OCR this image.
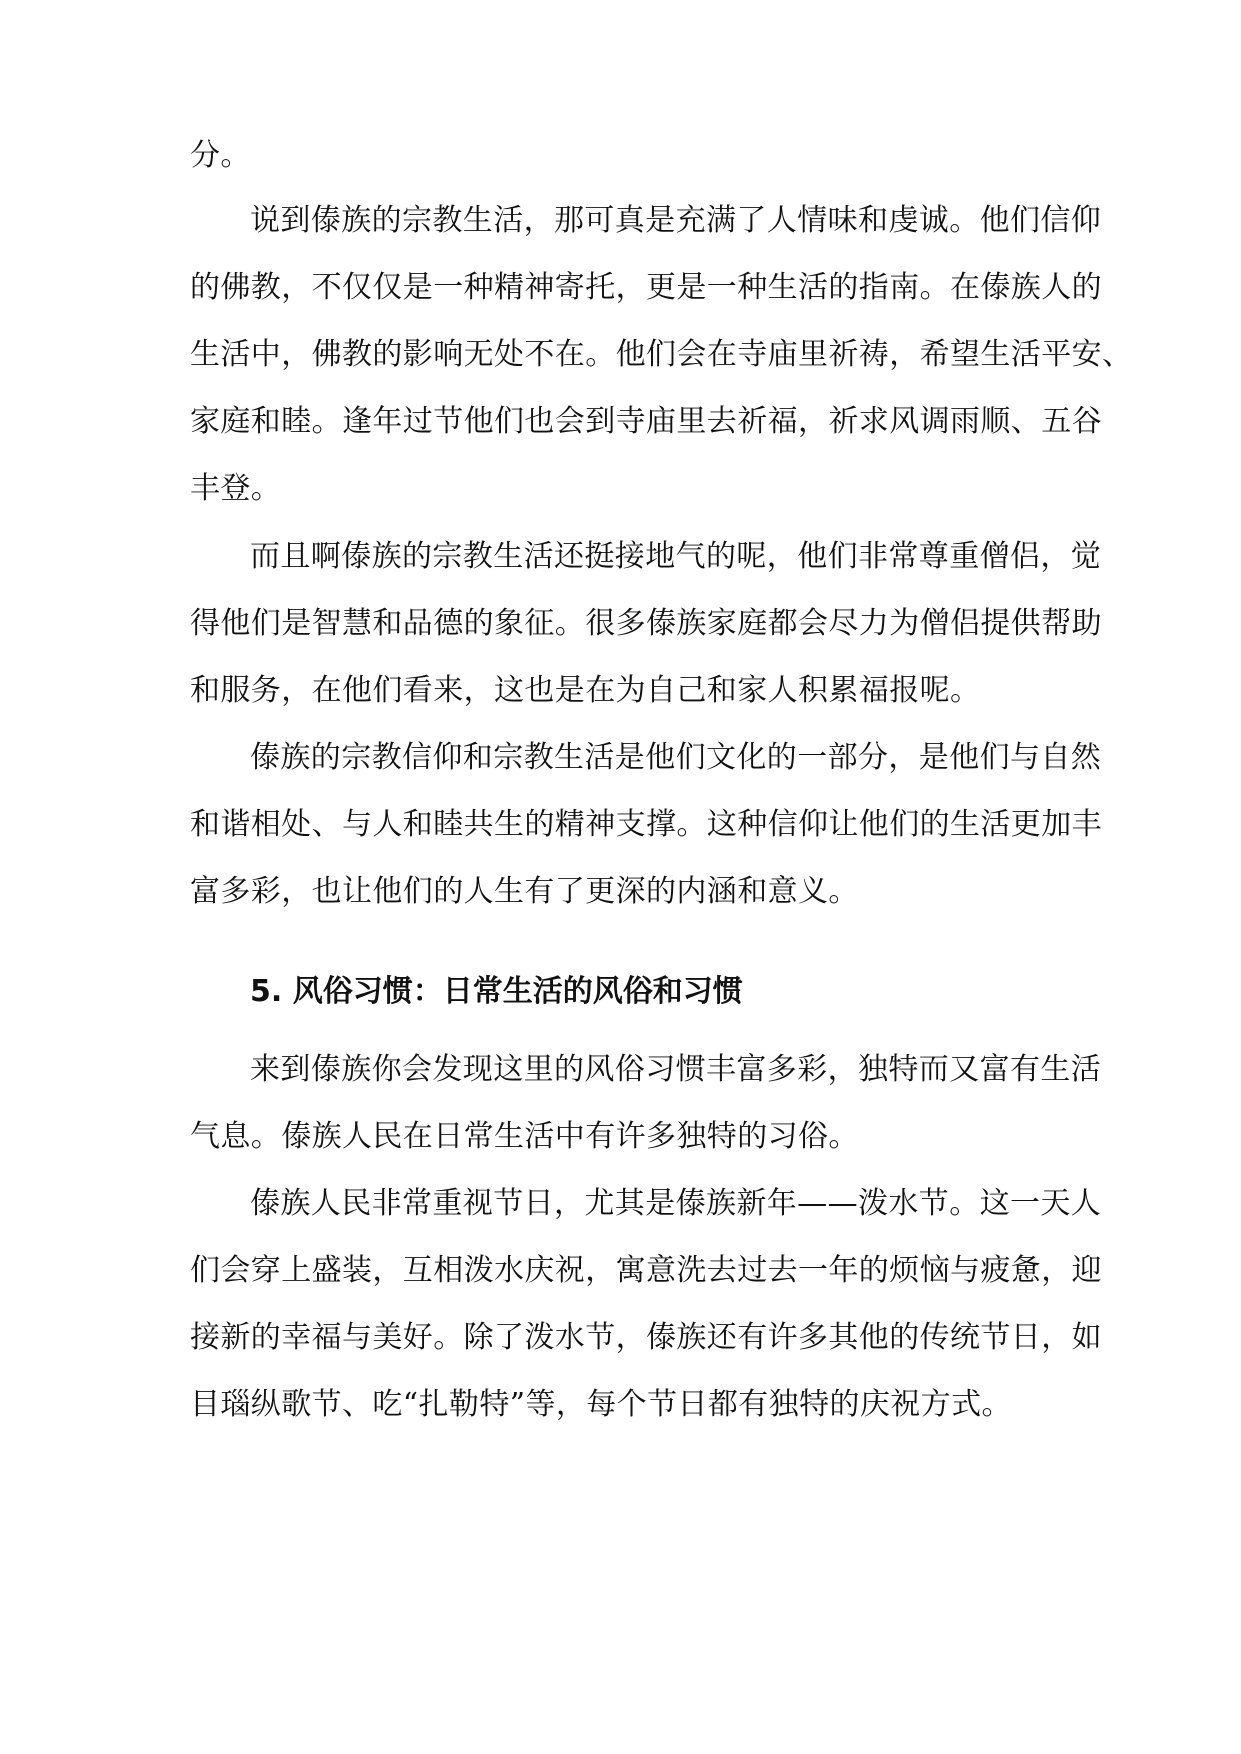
分。
说到傣族的宗教生活，那可真是充满了人情味和虔诚。他们信仰
的佛教，不仅仅是一种精神寄托，更是一种生活的指南。在傣族人的
生活中，佛教的影响无处不在。他们会在寺庙里祈祷，希望生活平安、
家庭和睦。逢年过节他们也会到寺庙里去祈福，祈求风调雨顺、五谷
丰登。
而且啊傣族的宗教生活还挺接地气的呢，他们非常尊重僧侣，觉
得他们是智慧和品德的象征。很多傣族家庭都会尽力为僧侣提供帮助
和服务，在他们看来，这也是在为自己和家人积累福报呢。
傣族的宗教信仰和宗教生活是他们文化的一部分，是他们与自然
和谐相处、与人和睦共生的精神支撑。这种信仰让他们的生活更加丰
富多彩，也让他们的人生有了更深的内涵和意义。
5. 风俗习惯：日常生活的风俗和习惯
来到傣族你会发现这里的风俗习惯丰富多彩，独特而又富有生活
气息。傣族人民在日常生活中有许多独特的习俗。
傣族人民非常重视节日，尤其是傣族新年——泼水节。这一天人
们会穿上盛装，互相泼水庆祝，寓意洗去过去一年的烦恼与疲惫，迎
接新的幸福与美好。除了泼水节，傣族还有许多其他的传统节日，如
目瑙纵歌节、吃“扎勒特”等，每个节日都有独特的庆祝方式。
